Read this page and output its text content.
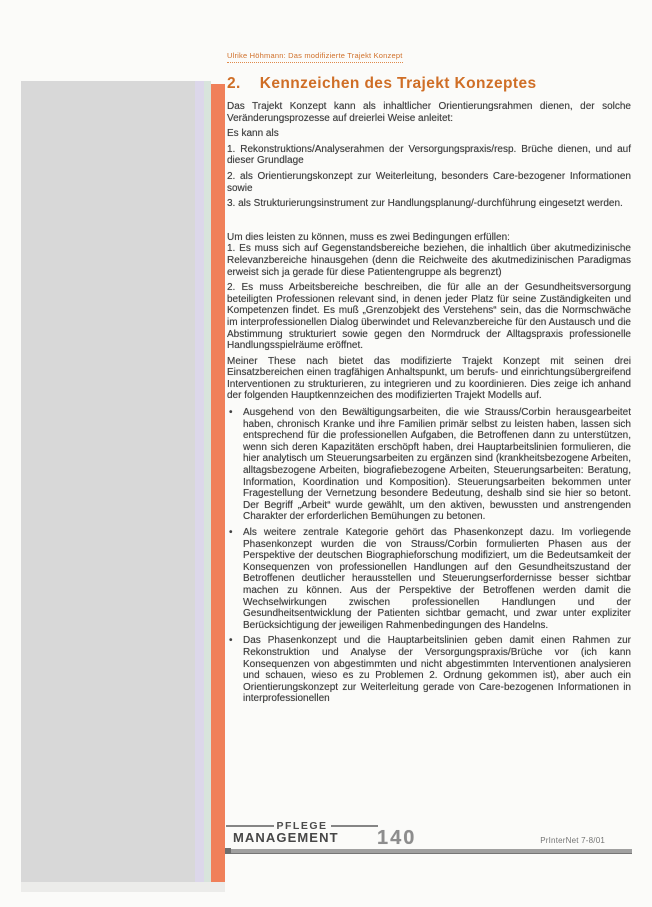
Ulrike Höhmann: Das modifizierte Trajekt Konzept
2. Kennzeichen des Trajekt Konzeptes

Das Trajekt Konzept kann als inhaltlicher Orientierungsrahmen dienen, der solche Veränderungsprozesse auf dreierlei Weise anleitet:

Es kann als

1. Rekonstruktions/Analyserahmen der Versorgungspraxis/resp. Brüche dienen, und auf dieser Grundlage

2. als Orientierungskonzept zur Weiterleitung, besonders Care-bezogener Informationen sowie

3. als Strukturierungsinstrument zur Handlungsplanung/-durchführung eingesetzt werden.

Um dies leisten zu können, muss es zwei Bedingungen erfüllen:

1. Es muss sich auf Gegenstandsbereiche beziehen, die inhaltlich über akutmedizinische Relevanzbereiche hinausgehen (denn die Reichweite des akutmedizinischen Paradigmas erweist sich ja gerade für diese Patientengruppe als begrenzt)

2. Es muss Arbeitsbereiche beschreiben, die für alle an der Gesundheitsversorgung beteiligten Professionen relevant sind, in denen jeder Platz für seine Zuständigkeiten und Kompetenzen findet. Es muß „Grenzobjekt des Verstehens“ sein, das die Normschwäche im interprofessionellen Dialog überwindet und Relevanzbereiche für den Austausch und die Abstimmung strukturiert sowie gegen den Normdruck der Alltagspraxis professionelle Handlungsspielräume eröffnet.

Meiner These nach bietet das modifizierte Trajekt Konzept mit seinen drei Einsatzbereichen einen tragfähigen Anhaltspunkt, um berufs- und einrichtungsübergreifend Interventionen zu strukturieren, zu integrieren und zu koordinieren. Dies zeige ich anhand der folgenden Hauptkennzeichen des modifizierten Trajekt Modells auf.

• Ausgehend von den Bewältigungsarbeiten, die wie Strauss/Corbin herausgearbeitet haben, chronisch Kranke und ihre Familien primär selbst zu leisten haben, lassen sich entsprechend für die professionellen Aufgaben, die Betroffenen dann zu unterstützen, wenn sich deren Kapazitäten erschöpft haben, drei Hauptarbeitslinien formulieren, die hier analytisch um Steuerungsarbeiten zu ergänzen sind (krankheitsbezogene Arbeiten, alltagsbezogene Arbeiten, biografiebezogene Arbeiten, Steuerungsarbeiten: Beratung, Information, Koordination und Komposition). Steuerungsarbeiten bekommen unter Fragestellung der Vernetzung besondere Bedeutung, deshalb sind sie hier so betont. Der Begriff „Arbeit“ wurde gewählt, um den aktiven, bewussten und anstrengenden Charakter der erforderlichen Bemühungen zu betonen.
• Als weitere zentrale Kategorie gehört das Phasenkonzept dazu. Im vorliegende Phasenkonzept wurden die von Strauss/Corbin formulierten Phasen aus der Perspektive der deutschen Biographieforschung modifiziert, um die Bedeutsamkeit der Konsequenzen von professionellen Handlungen auf den Gesundheitszustand der Betroffenen deutlicher herausstellen und Steuerungserfordernisse besser sichtbar machen zu können. Aus der Perspektive der Betroffenen werden damit die Wechselwirkungen zwischen professionellen Handlungen und der Gesundheitsentwicklung der Patienten sichtbar gemacht, und zwar unter expliziter Berücksichtigung der jeweiligen Rahmenbedingungen des Handelns.
• Das Phasenkonzept und die Hauptarbeitslinien geben damit einen Rahmen zur Rekonstruktion und Analyse der Versorgungspraxis/Brüche vor (ich kann Konsequenzen von abgestimmten und nicht abgestimmten Interventionen analysieren und schauen, wieso es zu Problemen 2. Ordnung gekommen ist), aber auch ein Orientierungskonzept zur Weiterleitung gerade von Care-bezogenen Informationen in interprofessionellen
PFLEGE
MANAGEMENT	140	PrInterNet 7-8/01
